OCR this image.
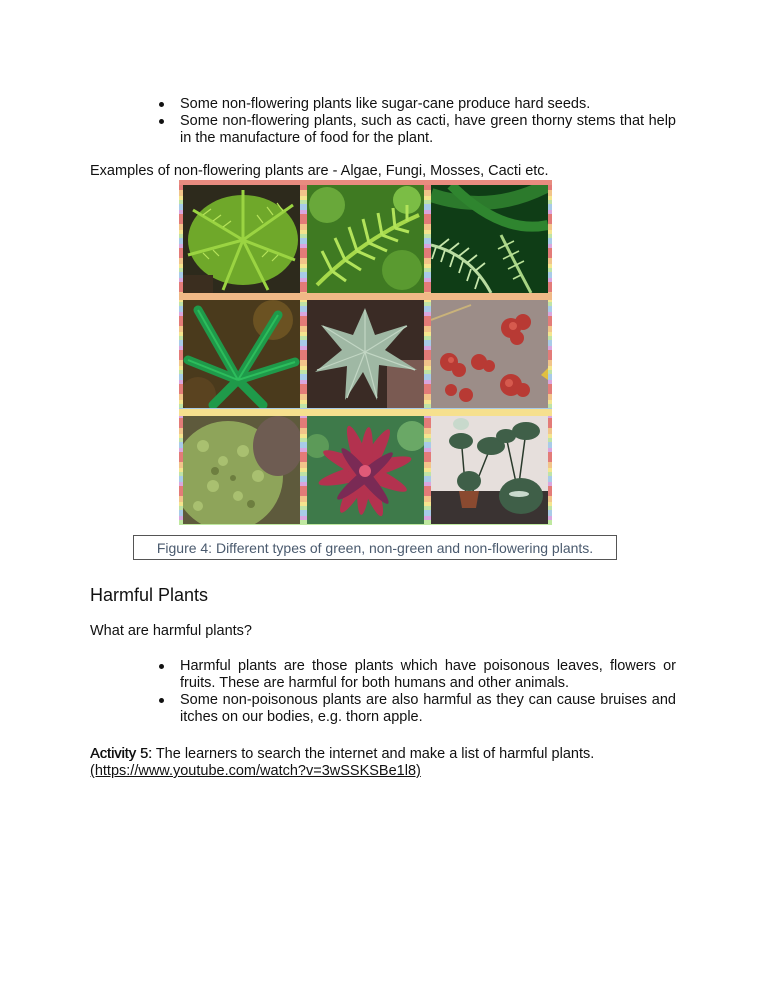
Some non-flowering plants like sugar-cane produce hard seeds.
Some non-flowering plants, such as cacti, have green thorny stems that help in the manufacture of food for the plant.
Examples of non-flowering plants are - Algae, Fungi, Mosses, Cacti etc.
Figure 4: Different types of green, non-green and non-flowering plants.
Harmful Plants
What are harmful plants?
Harmful plants are those plants which have poisonous leaves, flowers or fruits. These are harmful for both humans and other animals.
Some non-poisonous plants are also harmful as they can cause bruises and itches on our bodies, e.g. thorn apple.
Activity 5: The learners to search the internet and make a list of harmful plants.
(https://www.youtube.com/watch?v=3wSSKSBe1l8)
